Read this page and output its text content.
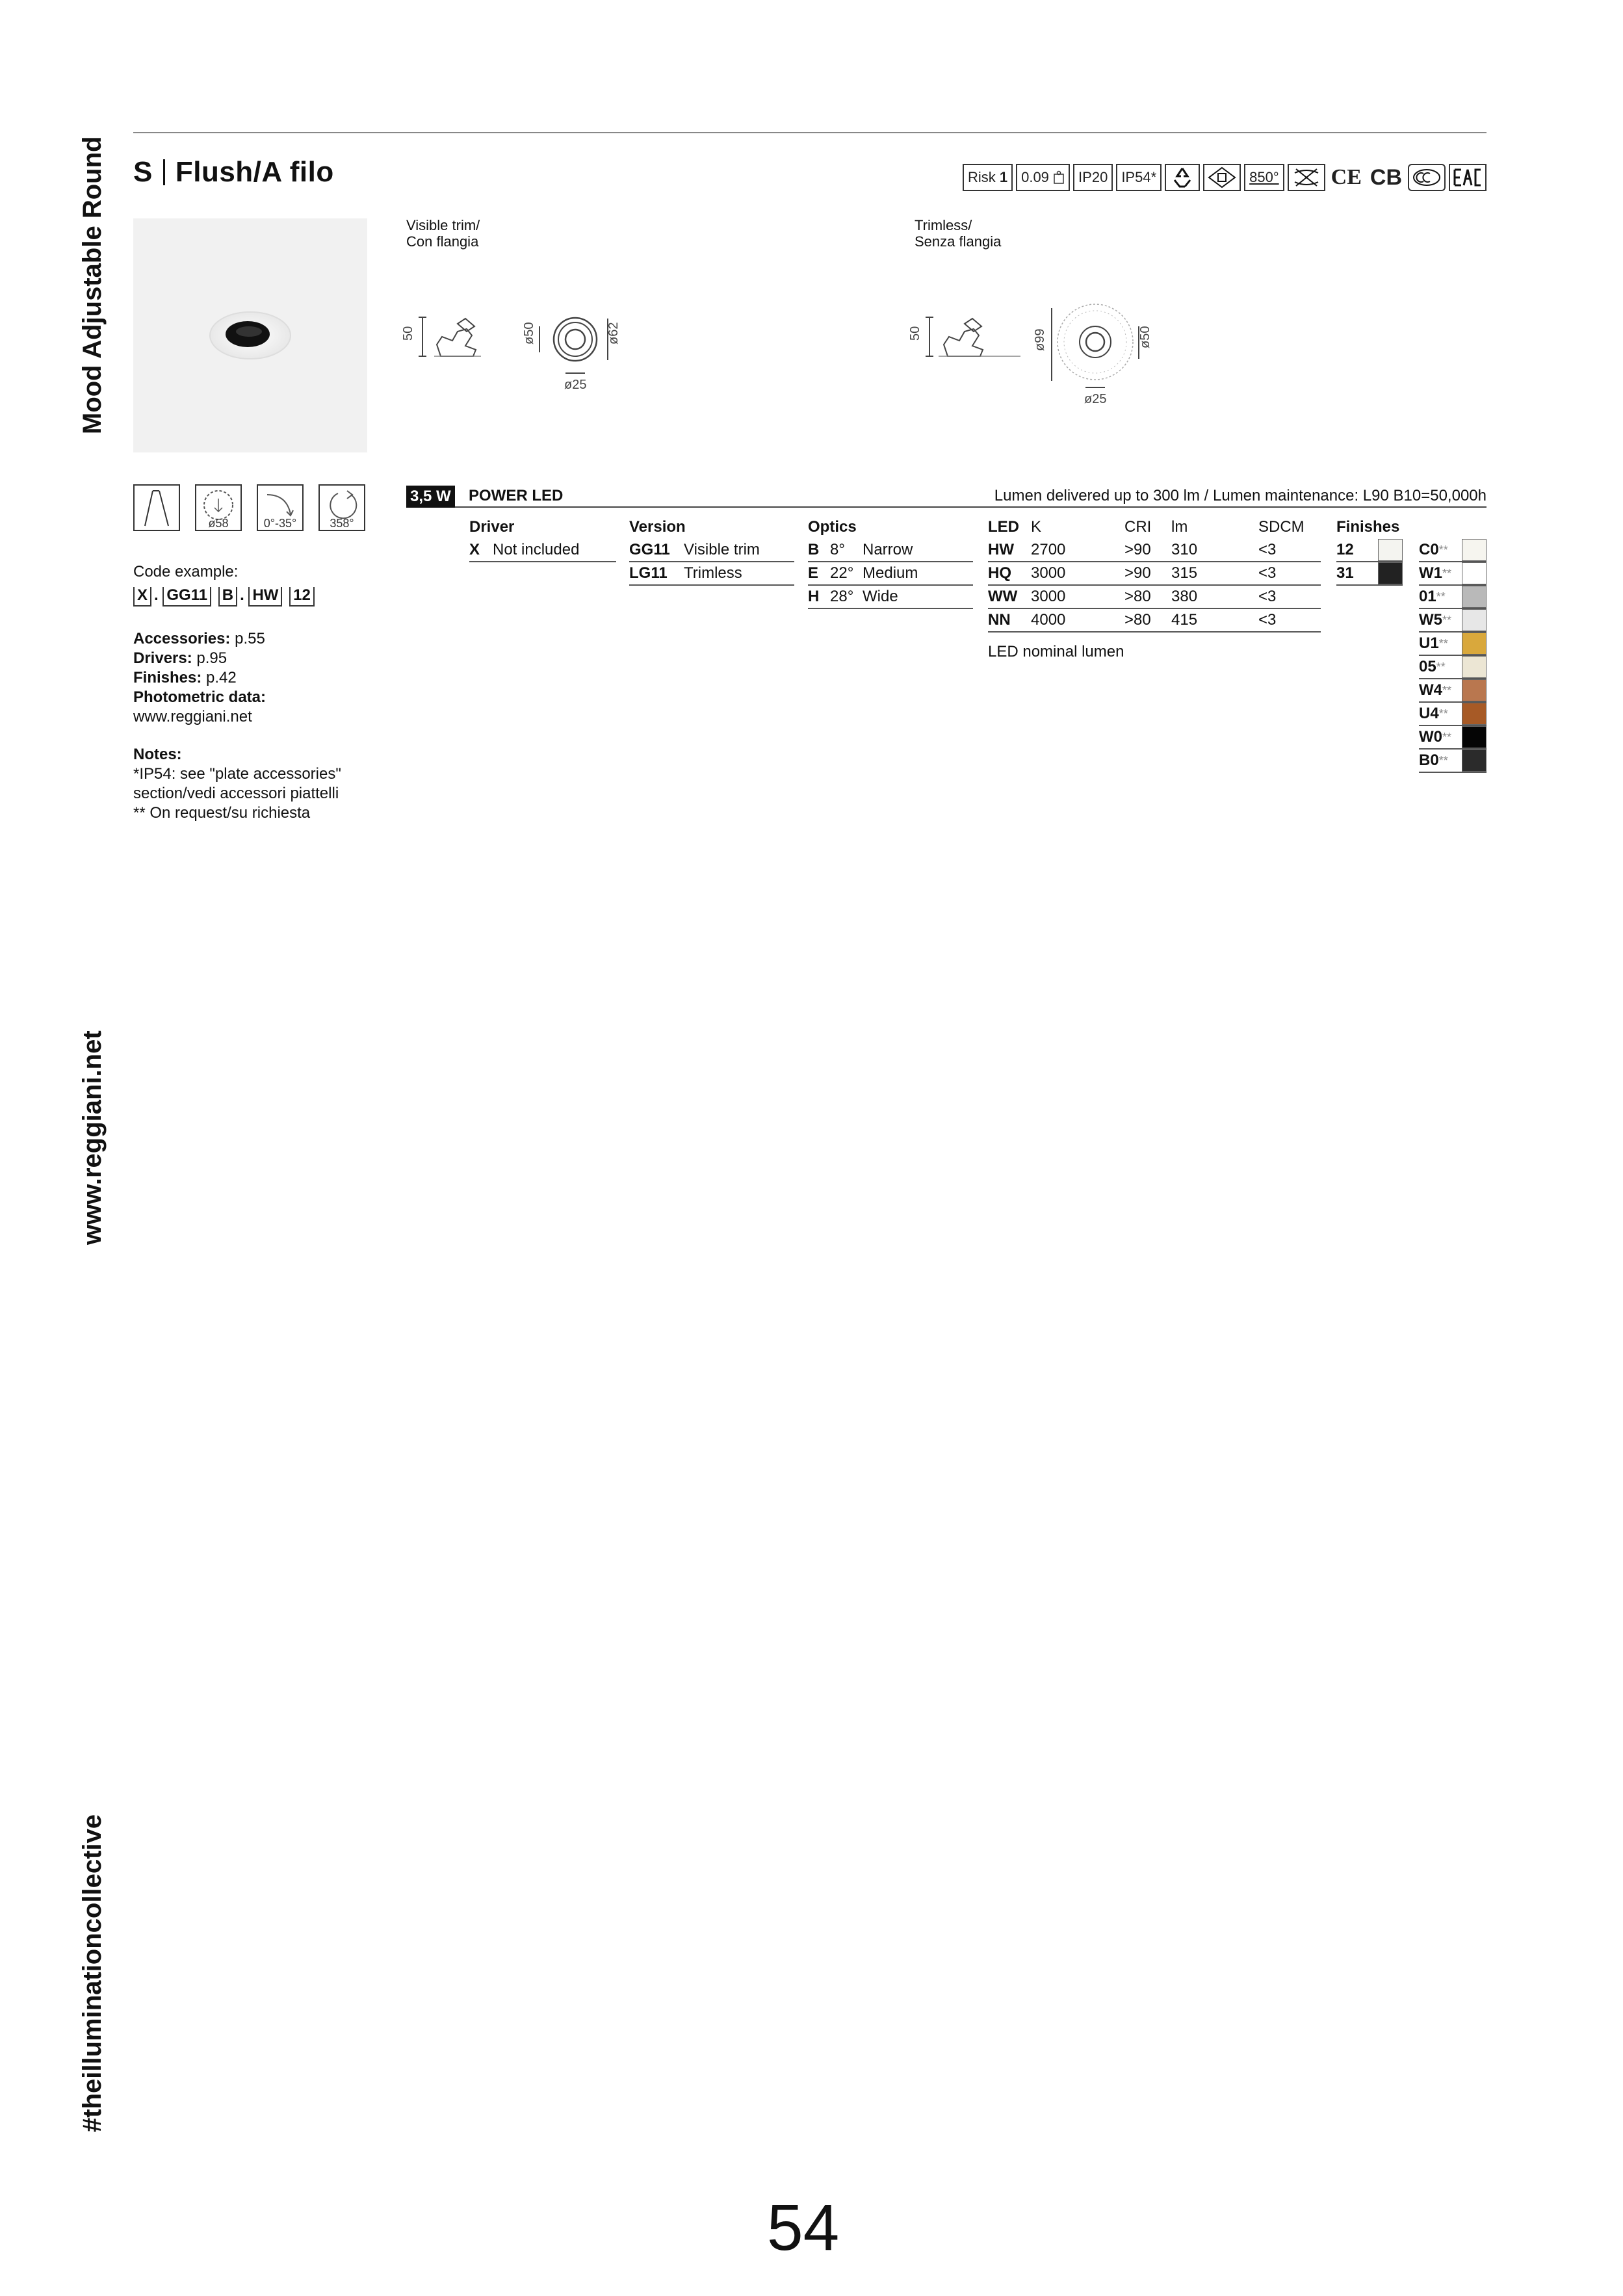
Mood Adjustable Round
www.reggiani.net
#theilluminationcollective
S Flush/A filo	Risk
1 0.09
	IP20 IP54*	850° CE CB
Visible trim/
Con flangia
Trimless/
Senza flangia
50	ø50	ø62
ø25
50	ø99	ø50
ø25
ø58	0°-35°	358°
Code example:
X . GG11 B . HW 12
Accessories: p.55
Drivers: p.95
Finishes: p.42
Photometric data:
www.reggiani.net
Notes:
*IP54: see "plate accessories"
section/vedi accessori piattelli
** On request/su richiesta
3,5 W POWER LED	Lumen delivered up to 300 lm / Lumen maintenance: L90 B10=50,000h
Driver
X Not included
Version
GG11 Visible trim
LG11	Trimless
Optics
B 8°	Narrow
E 22° Medium
H 28° Wide
LED K	CRI	lm	SDCM
HW	2700	>90	310	<3
HQ	3000	>90	315	<3
WW 3000	>80	380	<3
NN	4000	>80	415	<3
LED nominal lumen
Finishes
12
31
C0 **
W1 **
01 **
W5 **
U1 **
05 **
W4 **
U4 **
W0 **
B0 **
54
